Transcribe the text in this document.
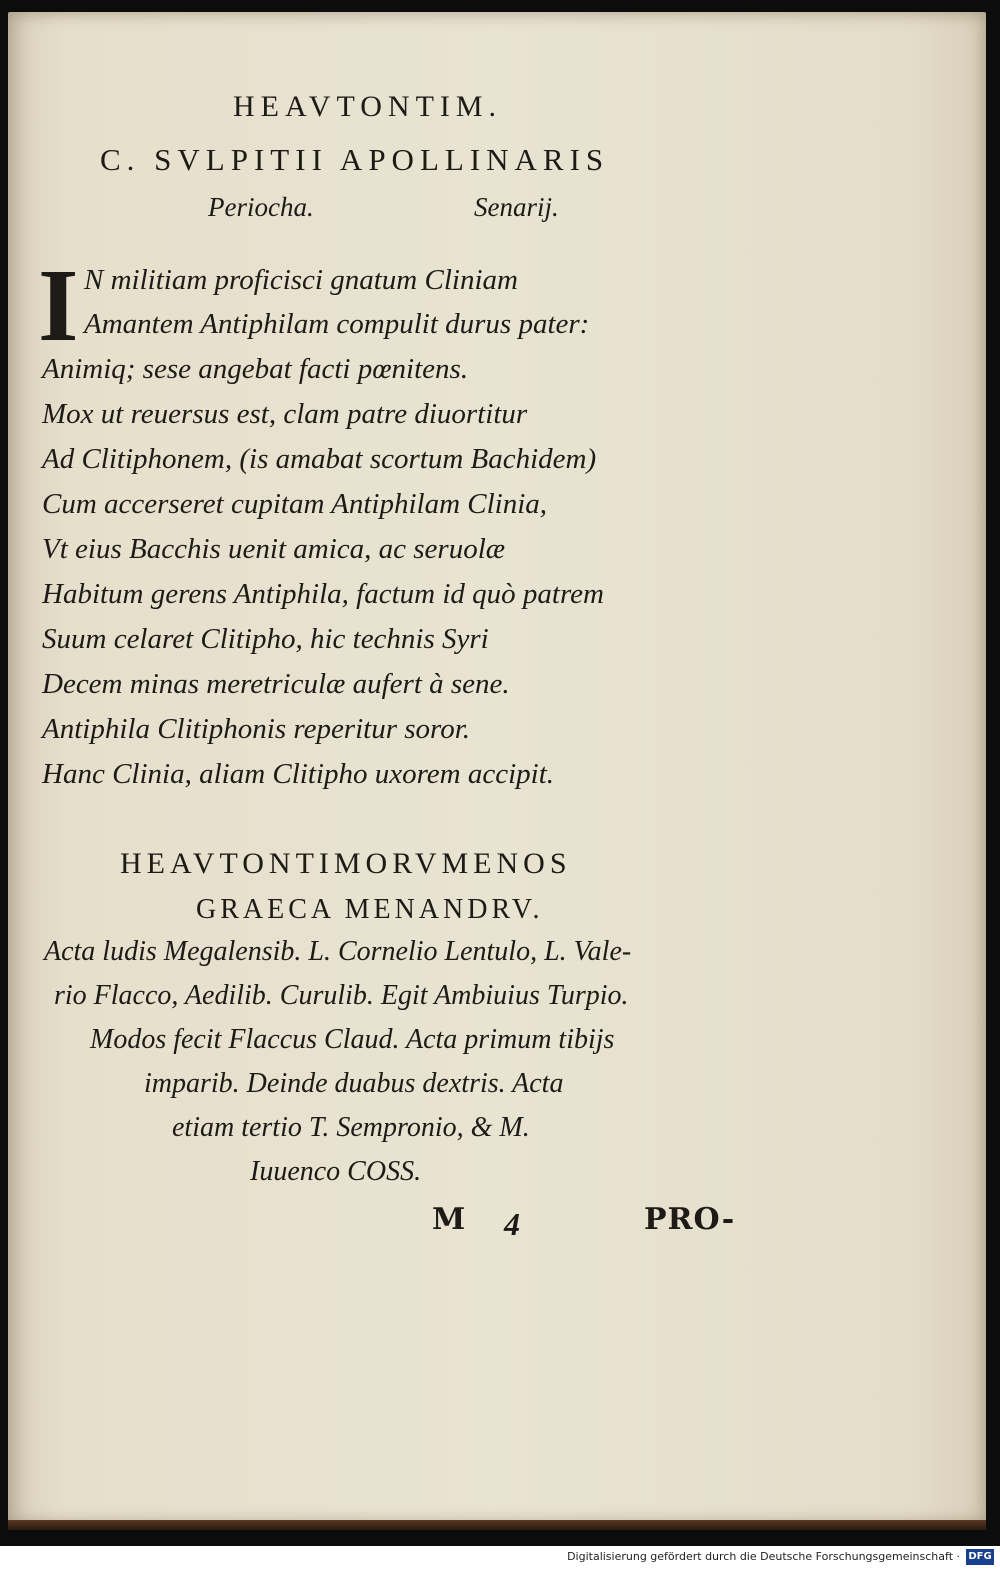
HEAVTONTIM.
C. SVLPITII APOLLINARIS
Periocha.	Senarij.
I N militiam proficisci gnatum Cliniam
Amantem Antiphilam compulit durus pater:
Animiq; sese angebat facti pœnitens.
Mox ut reuersus est, clam patre diuortitur
Ad Clitiphonem, (is amabat scortum Bachidem)
Cum accerseret cupitam Antiphilam Clinia,
Vt eius Bacchis uenit amica, ac seruolæ
Habitum gerens Antiphila, factum id quò patrem
Suum celaret Clitipho, hic technis Syri
Decem minas meretriculæ aufert à sene.
Antiphila Clitiphonis reperitur soror.
Hanc Clinia, aliam Clitipho uxorem accipit.
HEAVTONTIMORVMENOS
GRAECA MENANDRV.
Acta ludis Megalensib. L. Cornelio Lentulo, L. Vale-
rio Flacco, Aedilib. Curulib. Egit Ambiuius Turpio.
Modos fecit Flaccus Claud. Acta primum tibijs
imparib. Deinde duabus dextris. Acta
etiam tertio T. Sempronio, & M.
Iuuenco COSS.
M 4	PRO-
Digitalisierung gefördert durch die Deutsche Forschungsgemeinschaft · DFG
